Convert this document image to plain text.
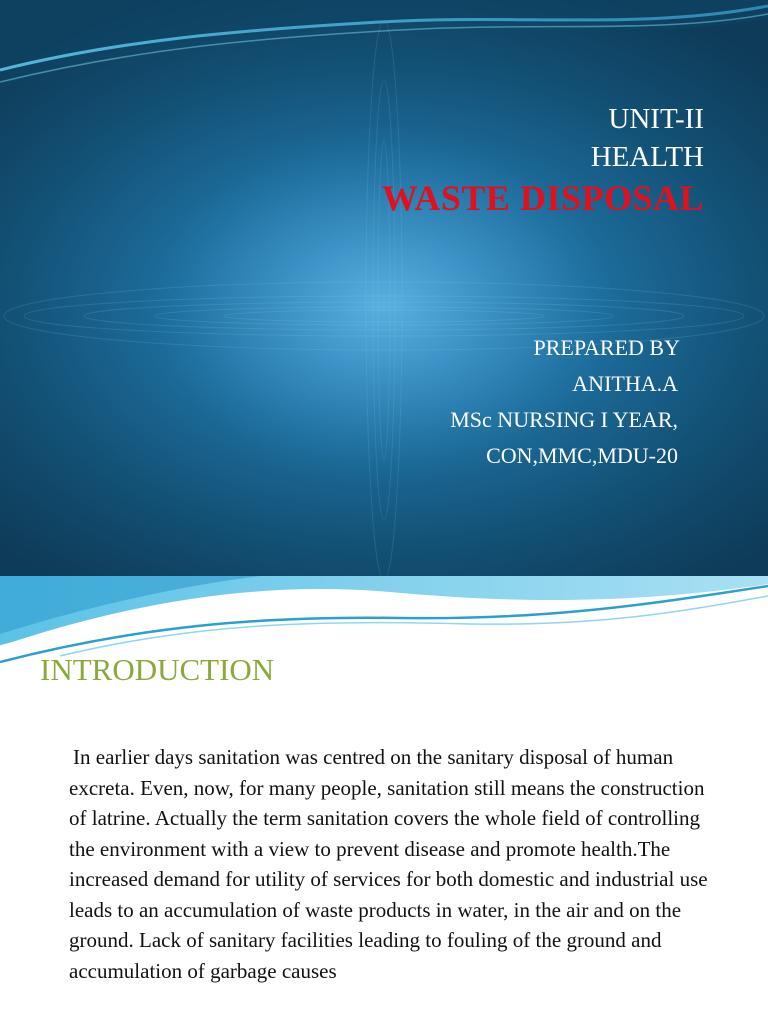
UNIT-II
HEALTH
WASTE DISPOSAL
PREPARED BY
ANITHA.A
MSc NURSING I YEAR,
CON,MMC,MDU-20
INTRODUCTION
In earlier days sanitation was centred on the sanitary disposal of human excreta. Even, now, for many people, sanitation still means the construction of latrine. Actually the term sanitation covers the whole field of controlling the environment with a view to prevent disease and promote health.The increased demand for utility of services for both domestic and industrial use leads to an accumulation of waste products in water, in the air and on the ground. Lack of sanitary facilities leading to fouling of the ground and accumulation of garbage causes
